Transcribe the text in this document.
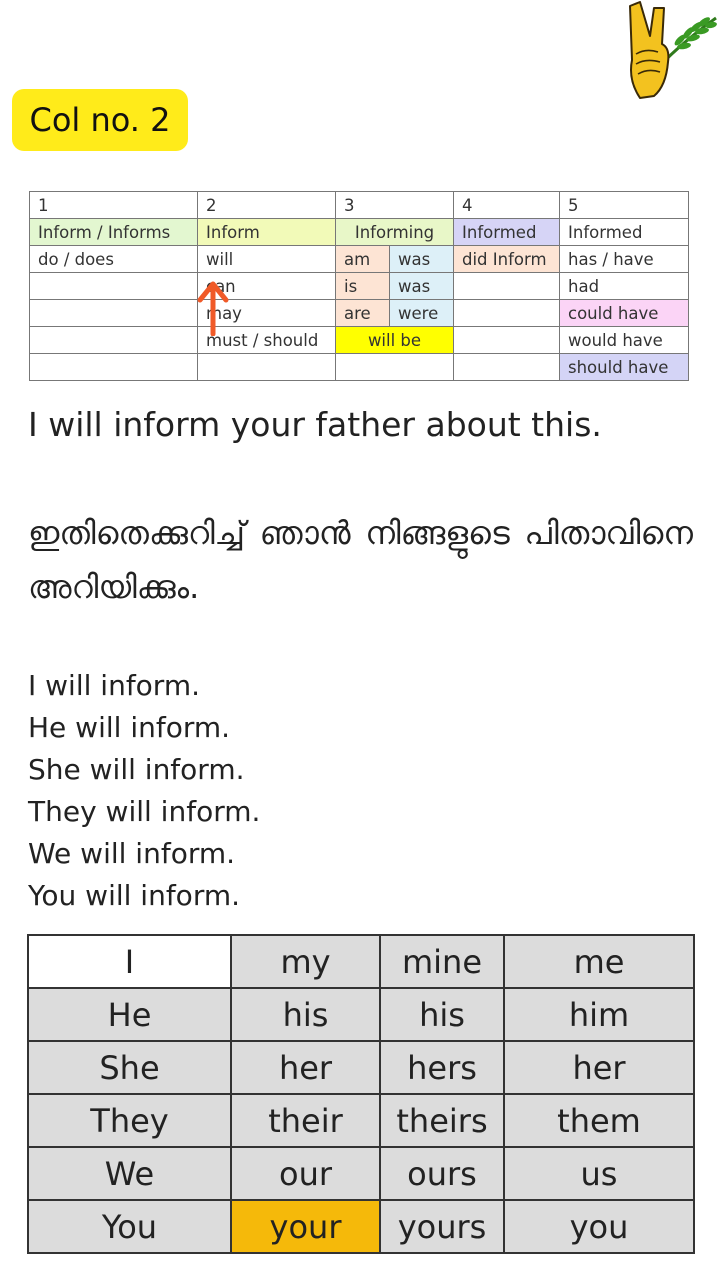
Col no. 2
1	2	3		4	5
Inform / Informs	Inform	Informing		Informed	Informed
do / does	will	am	was	did Inform	has / have
	can	is	was		had
	may	are	were		could have
	must / should	will be			would have
					should have
I will inform your father about this.
ഇതിതെക്കുറിച്ച് ഞാൻ നിങ്ങളുടെ പിതാവിനെ അറിയിക്കും.
I will inform.
He will inform.
She will inform.
They will inform.
We will inform.
You will inform.
I	my	mine	me
He	his	his	him
She	her	hers	her
They	their	theirs	them
We	our	ours	us
You	your	yours	you
